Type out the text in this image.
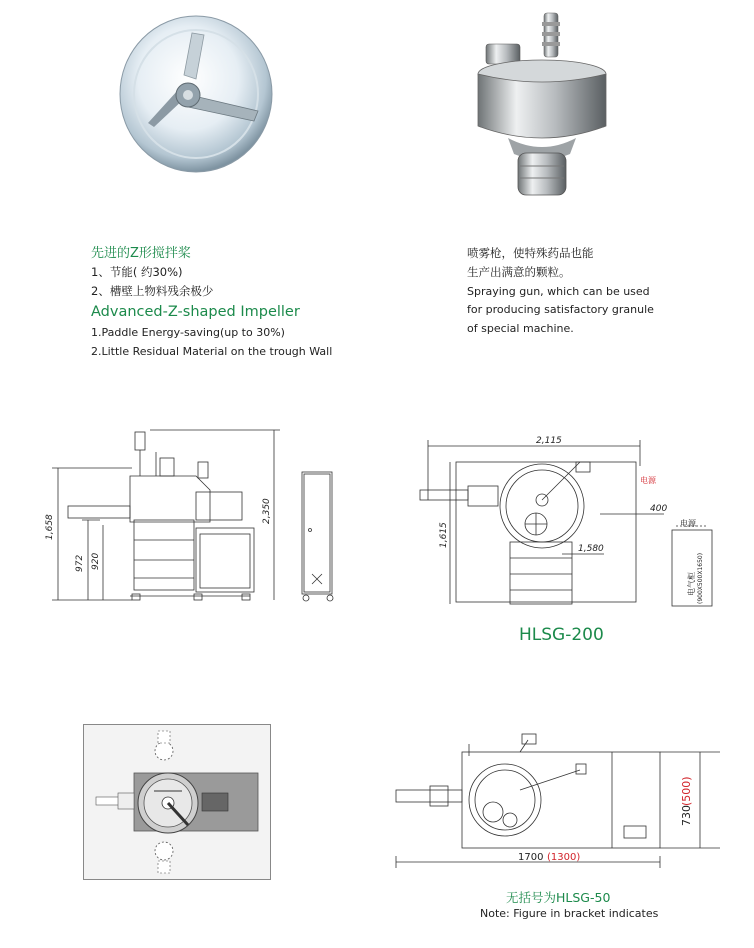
先进的Z形搅拌桨
1、节能( 约30%)
2、槽壁上物料残余极少
Advanced-Z-shaped Impeller
1.Paddle Energy-saving(up to 30%)
2.Little Residual Material on the trough Wall
喷雾枪，使特殊药品也能
生产出满意的颗粒。
Spraying gun, which can be used
for producing satisfactory granule
of special machine.
1,658
972 920
2,350
2,115
1,615
1,580
400
电源
电源
电气柜 (900X500X1650)
HLSG-200
1700 (1300)
730
(500)
无括号为HLSG-50
Note: Figure in bracket indicates
